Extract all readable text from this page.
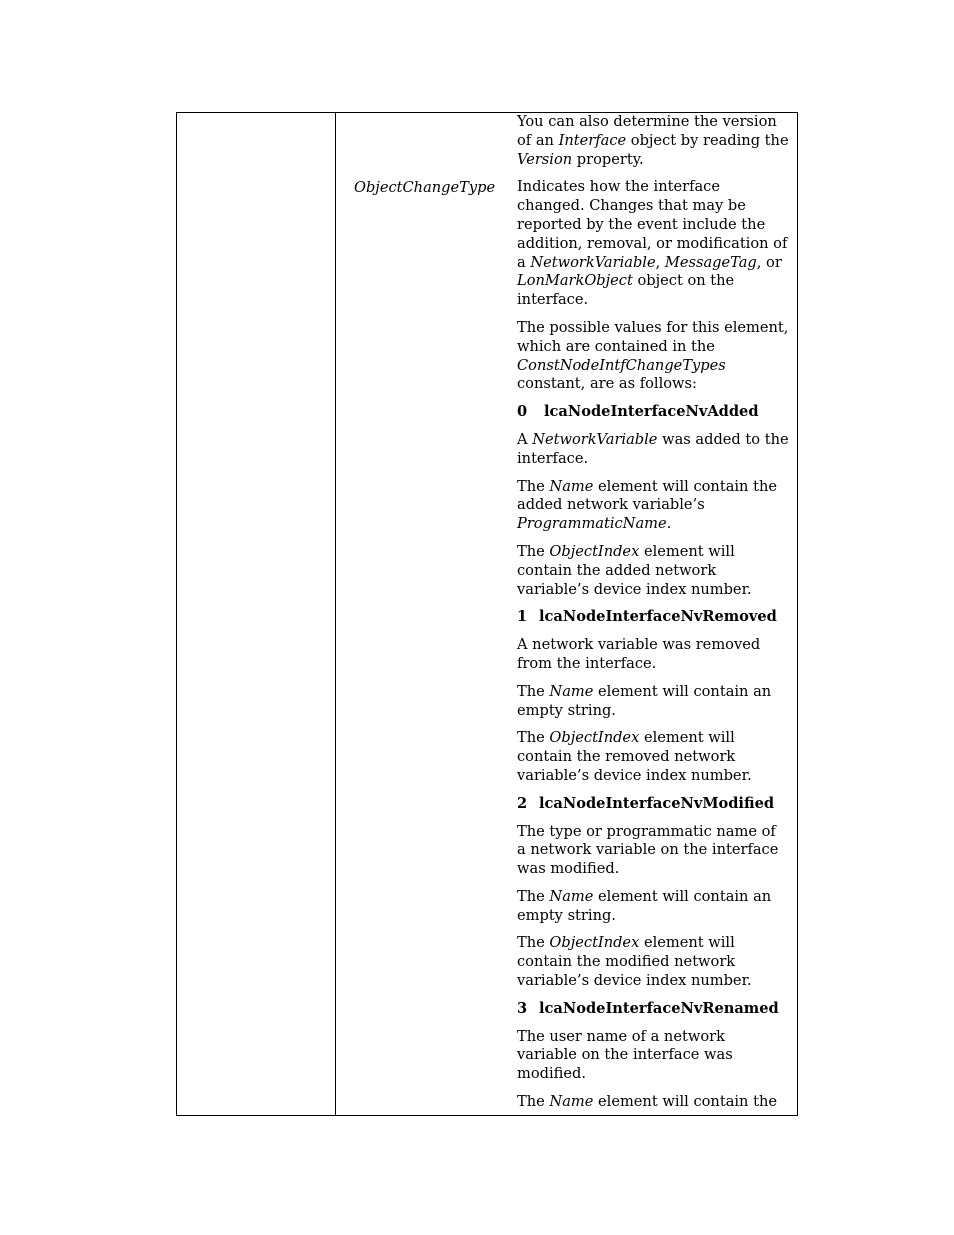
ObjectChangeType

You can also determine the version of an Interface object by reading the Version property.

Indicates how the interface changed. Changes that may be reported by the event include the addition, removal, or modification of a NetworkVariable, MessageTag, or LonMarkObject object on the interface.

The possible values for this element, which are contained in the ConstNodeIntfChangeTypes constant, are as follows:

0 lcaNodeInterfaceNvAdded

A NetworkVariable was added to the interface.

The Name element will contain the added network variable’s ProgrammaticName.

The ObjectIndex element will contain the added network variable’s device index number.

1 lcaNodeInterfaceNvRemoved

A network variable was removed from the interface.

The Name element will contain an empty string.

The ObjectIndex element will contain the removed network variable’s device index number.

2 lcaNodeInterfaceNvModified

The type or programmatic name of a network variable on the interface was modified.

The Name element will contain an empty string.

The ObjectIndex element will contain the modified network variable’s device index number.

3 lcaNodeInterfaceNvRenamed

The user name of a network variable on the interface was modified.

The Name element will contain the
